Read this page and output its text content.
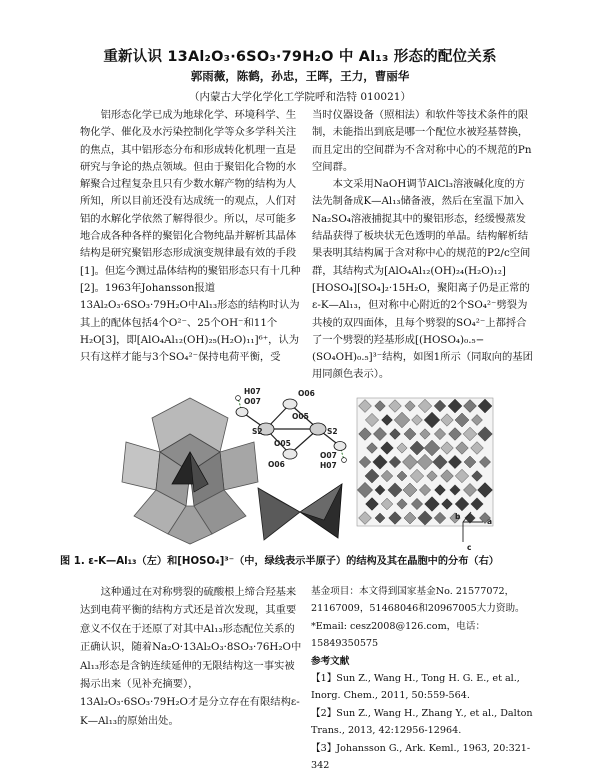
重新认识 13Al₂O₃·6SO₃·79H₂O 中 Al₁₃ 形态的配位关系
郭雨薇，陈鹤，孙忠，王晖，王力，曹丽华
（内蒙古大学化学化工学院呼和浩特 010021）

铝形态化学已成为地球化学、环境科学、生物化学、催化及水污染控制化学等众多学科关注的焦点，其中铝形态分布和形成转化机理一直是研究与争论的热点领域。但由于聚铝化合物的水解聚合过程复杂且只有少数水解产物的结构为人所知，所以目前还没有达成统一的观点，人们对铝的水解化学依然了解得很少。所以，尽可能多地合成各种各样的聚铝化合物纯晶并解析其晶体结构是研究聚铝形态形成演变规律最有效的手段[1]。但迄今测过晶体结构的聚铝形态只有十几种[2]。1963年Johansson报道13Al₂O₃·6SO₃·79H₂O中Al₁₃形态的结构时认为其上的配体包括4个O²⁻、25个OH⁻和11个H₂O[3]，即[AlO₄Al₁₂(OH)₂₅(H₂O)₁₁]⁶⁺，认为只有这样才能与3个SO₄²⁻保持电荷平衡，受

当时仪器设备（照相法）和软件等技术条件的限制，未能指出到底是哪一个配位水被羟基替换，而且定出的空间群为不含对称中心的不规范的Pn空间群。

本文采用NaOH调节AlCl₃溶液碱化度的方法先制备成K—Al₁₃储备液，然后在室温下加入Na₂SO₄溶液捕捉其中的聚铝形态，经缓慢蒸发结晶获得了板块状无色透明的单晶。结构解析结果表明其结构属于含对称中心的规范的P2/c空间群，其结构式为[AlO₄Al₁₂(OH)₂₄(H₂O)₁₂][HOSO₄][SO₄]₂·15H₂O，聚阳离子仍是正常的ε-K—Al₁₃，但对称中心附近的2个SO₄²⁻劈裂为共棱的双四面体，且每个劈裂的SO₄²⁻上都捋合了一个劈裂的羟基形成[(HOSO₄)₀.₅−(SO₄OH)₀.₅]³⁻结构，如图1所示（同取向的基团用同颜色表示）。

H07
O07
O06
O05
O05
O06
O07
H07
S2	S2
a
b
c
图 1. ε-K—Al₁₃（左）和[HOSO₄]³⁻（中，绿线表示半原子）的结构及其在晶胞中的分布（右）

这种通过在对称劈裂的硫酸根上缔合羟基来达到电荷平衡的结构方式还是首次发现，其重要意义不仅在于还原了对其中Al₁₃形态配位关系的正确认识，随着Na₂O·13Al₂O₃·8SO₃·76H₂O中Al₁₃形态是含钠连续延伸的无限结构这一事实被揭示出来（见补充摘要），13Al₂O₃·6SO₃·79H₂O才是分立存在有限结构ε-K—Al₁₃的原始出处。

基金项目：本文得到国家基金No. 21577072，21167009，51468046和20967005大力资助。

*Email: cesz2008@126.com，电话：15849350575

参考文献

【1】Sun Z., Wang H., Tong H. G. E., et al., Inorg. Chem., 2011, 50:559-564.

【2】Sun Z., Wang H., Zhang Y., et al., Dalton Trans., 2013, 42:12956-12964.

【3】Johansson G., Ark. Keml., 1963, 20:321-342
